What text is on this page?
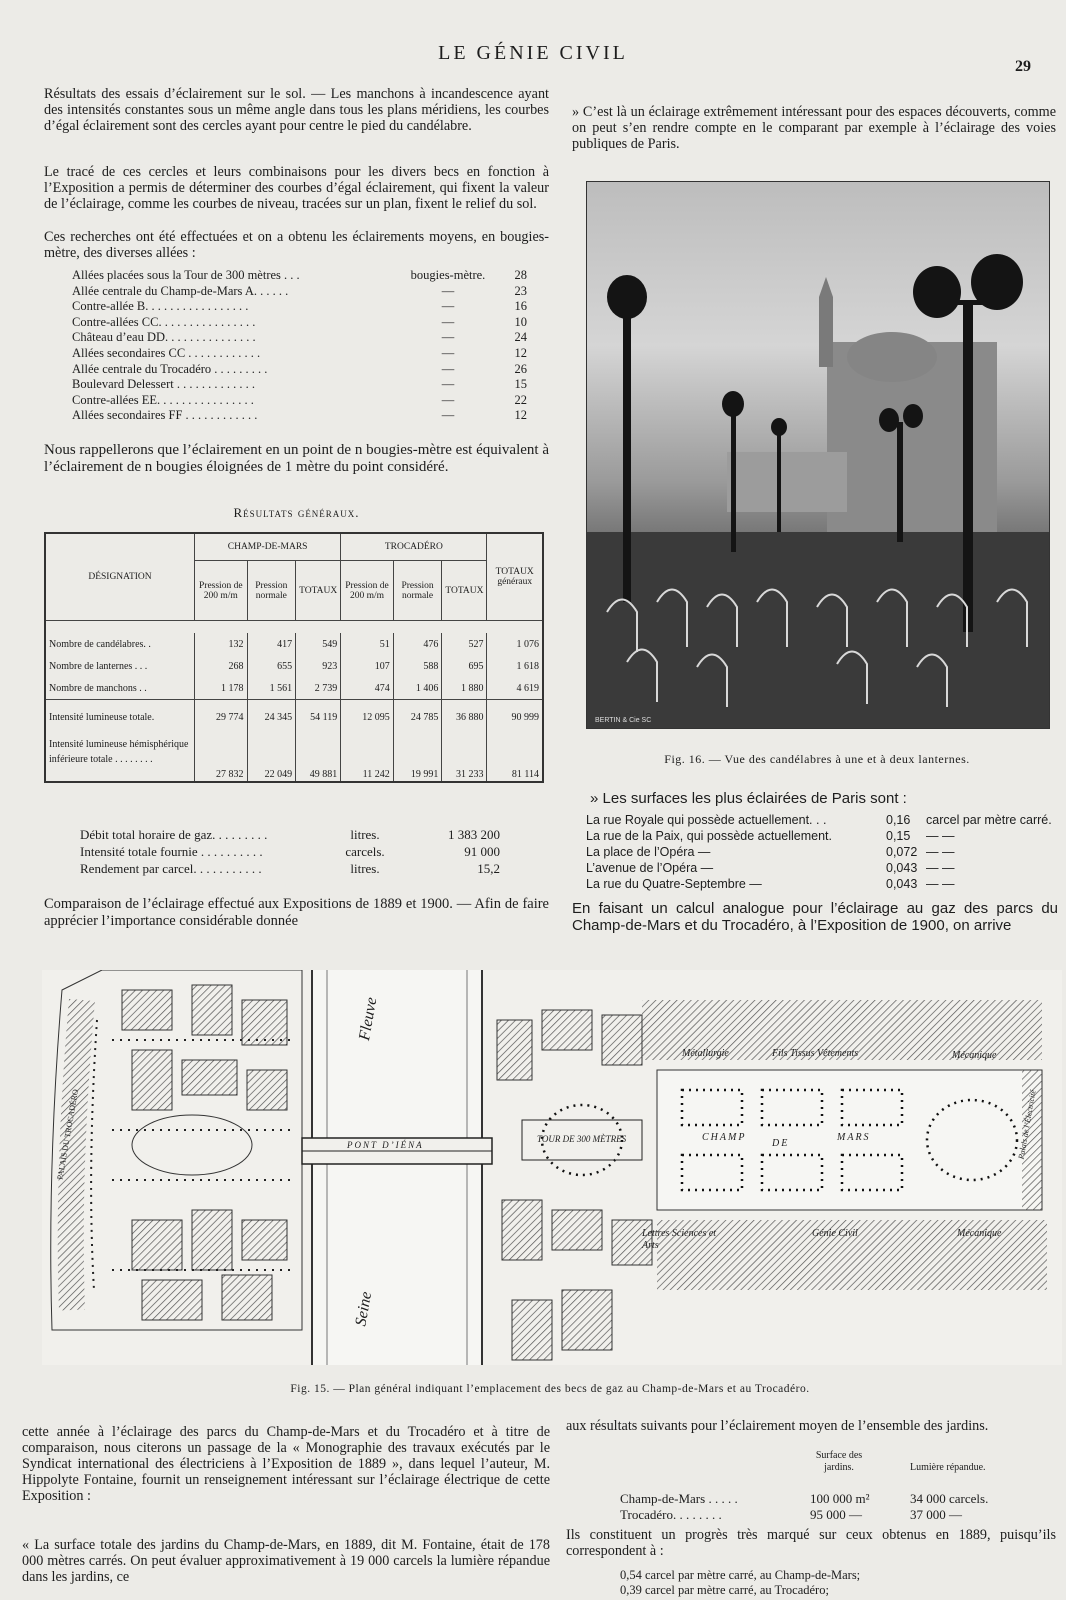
LE GÉNIE CIVIL
29
Résultats des essais d’éclairement sur le sol. — Les manchons à incandescence ayant des intensités constantes sous un même angle dans tous les plans méridiens, les courbes d’égal éclairement sont des cercles ayant pour centre le pied du candélabre.
Le tracé de ces cercles et leurs combinaisons pour les divers becs en fonction à l’Exposition a permis de déterminer des courbes d’égal éclairement, qui fixent la valeur de l’éclairage, comme les courbes de niveau, tracées sur un plan, fixent le relief du sol.
Ces recherches ont été effectuées et on a obtenu les éclairements moyens, en bougies-mètre, des diverses allées :
Allées placées sous la Tour de 300 mètres . . .	bougies-mètre.	28
Allée centrale du Champ-de-Mars A. . . . . .	—	23
Contre-allée B. . . . . . . . . . . . . . . . .	—	16
Contre-allées CC. . . . . . . . . . . . . . . .	—	10
Château d’eau DD. . . . . . . . . . . . . . .	—	24
Allées secondaires CC . . . . . . . . . . . .	—	12
Allée centrale du Trocadéro . . . . . . . . .	—	26
Boulevard Delessert . . . . . . . . . . . . .	—	15
Contre-allées EE. . . . . . . . . . . . . . . .	—	22
Allées secondaires FF . . . . . . . . . . . .	—	12
Nous rappellerons que l’éclairement en un point de n bougies-mètre est équivalent à l’éclairement de n bougies éloignées de 1 mètre du point considéré.
Résultats généraux.
DÉSIGNATION	CHAMP-DE-MARS			TROCADÉRO			TOTAUX généraux
	Pression de 200 m/m	Pression normale	TOTAUX	Pression de 200 m/m	Pression normale	TOTAUX	

Nombre de candélabres. .	132	417	549	51	476	527	1 076
Nombre de lanternes . . .	268	655	923	107	588	695	1 618
Nombre de manchons . .	1 178	1 561	2 739	474	1 406	1 880	4 619
Intensité lumineuse totale.	29 774	24 345	54 119	12 095	24 785	36 880	90 999
Intensité lumineuse hémisphérique inférieure totale . . . . . . . .	27 832	22 049	49 881	11 242	19 991	31 233	81 114
Débit total horaire de gaz. . . . . . . . .	litres.	1 383 200
Intensité totale fournie . . . . . . . . . .	carcels.	91 000
Rendement par carcel. . . . . . . . . . .	litres.	15,2
Comparaison de l’éclairage effectué aux Expositions de 1889 et 1900. — Afin de faire apprécier l’importance considérable donnée
» C’est là un éclairage extrêmement intéressant pour des espaces découverts, comme on peut s’en rendre compte en le comparant par exemple à l’éclairage des voies publiques de Paris.
BERTIN & Cie SC
Fig. 16. — Vue des candélabres à une et à deux lanternes.
» Les surfaces les plus éclairées de Paris sont :
La rue Royale qui possède actuellement. . .	0,16	carcel par mètre carré.
La rue de la Paix, qui possède actuellement.	0,15	— —
La place de l’Opéra —	0,072 — —
L’avenue de l’Opéra —	0,043 — —
La rue du Quatre-Septembre —	0,043 — —
En faisant un calcul analogue pour l’éclairage au gaz des parcs du Champ-de-Mars et du Trocadéro, à l’Exposition de 1900, on arrive
Fleuve
Seine
PONT D’IÉNA
TOUR DE 300 MÈTRES	CHAMP
DE
MARS
Métallurgie	Fils Tissus Vêtements	Mécanique
Lettres Sciences et Arts
Génie Civil	Mécanique
PALAIS DU TROCADÉRO	Palais de l’Électricité
Fig. 15. — Plan général indiquant l’emplacement des becs de gaz au Champ-de-Mars et au Trocadéro.
cette année à l’éclairage des parcs du Champ-de-Mars et du Trocadéro et à titre de comparaison, nous citerons un passage de la « Monographie des travaux exécutés par le Syndicat international des électriciens à l’Exposition de 1889 », dans lequel l’auteur, M. Hippolyte Fontaine, fournit un renseignement intéressant sur l’éclairage électrique de cette Exposition :
« La surface totale des jardins du Champ-de-Mars, en 1889, dit M. Fontaine, était de 178 000 mètres carrés. On peut évaluer approximativement à 19 000 carcels la lumière répandue dans les jardins, ce
aux résultats suivants pour l’éclairement moyen de l’ensemble des jardins.
Surface des jardins.	Lumière répandue.
Champ-de-Mars . . . . .	100 000 m²	34 000 carcels.
Trocadéro. . . . . . . .	95 000 —	37 000 —
Ils constituent un progrès très marqué sur ceux obtenus en 1889, puisqu’ils correspondent à :
0,54 carcel par mètre carré, au Champ-de-Mars;
0,39 carcel par mètre carré, au Trocadéro;
